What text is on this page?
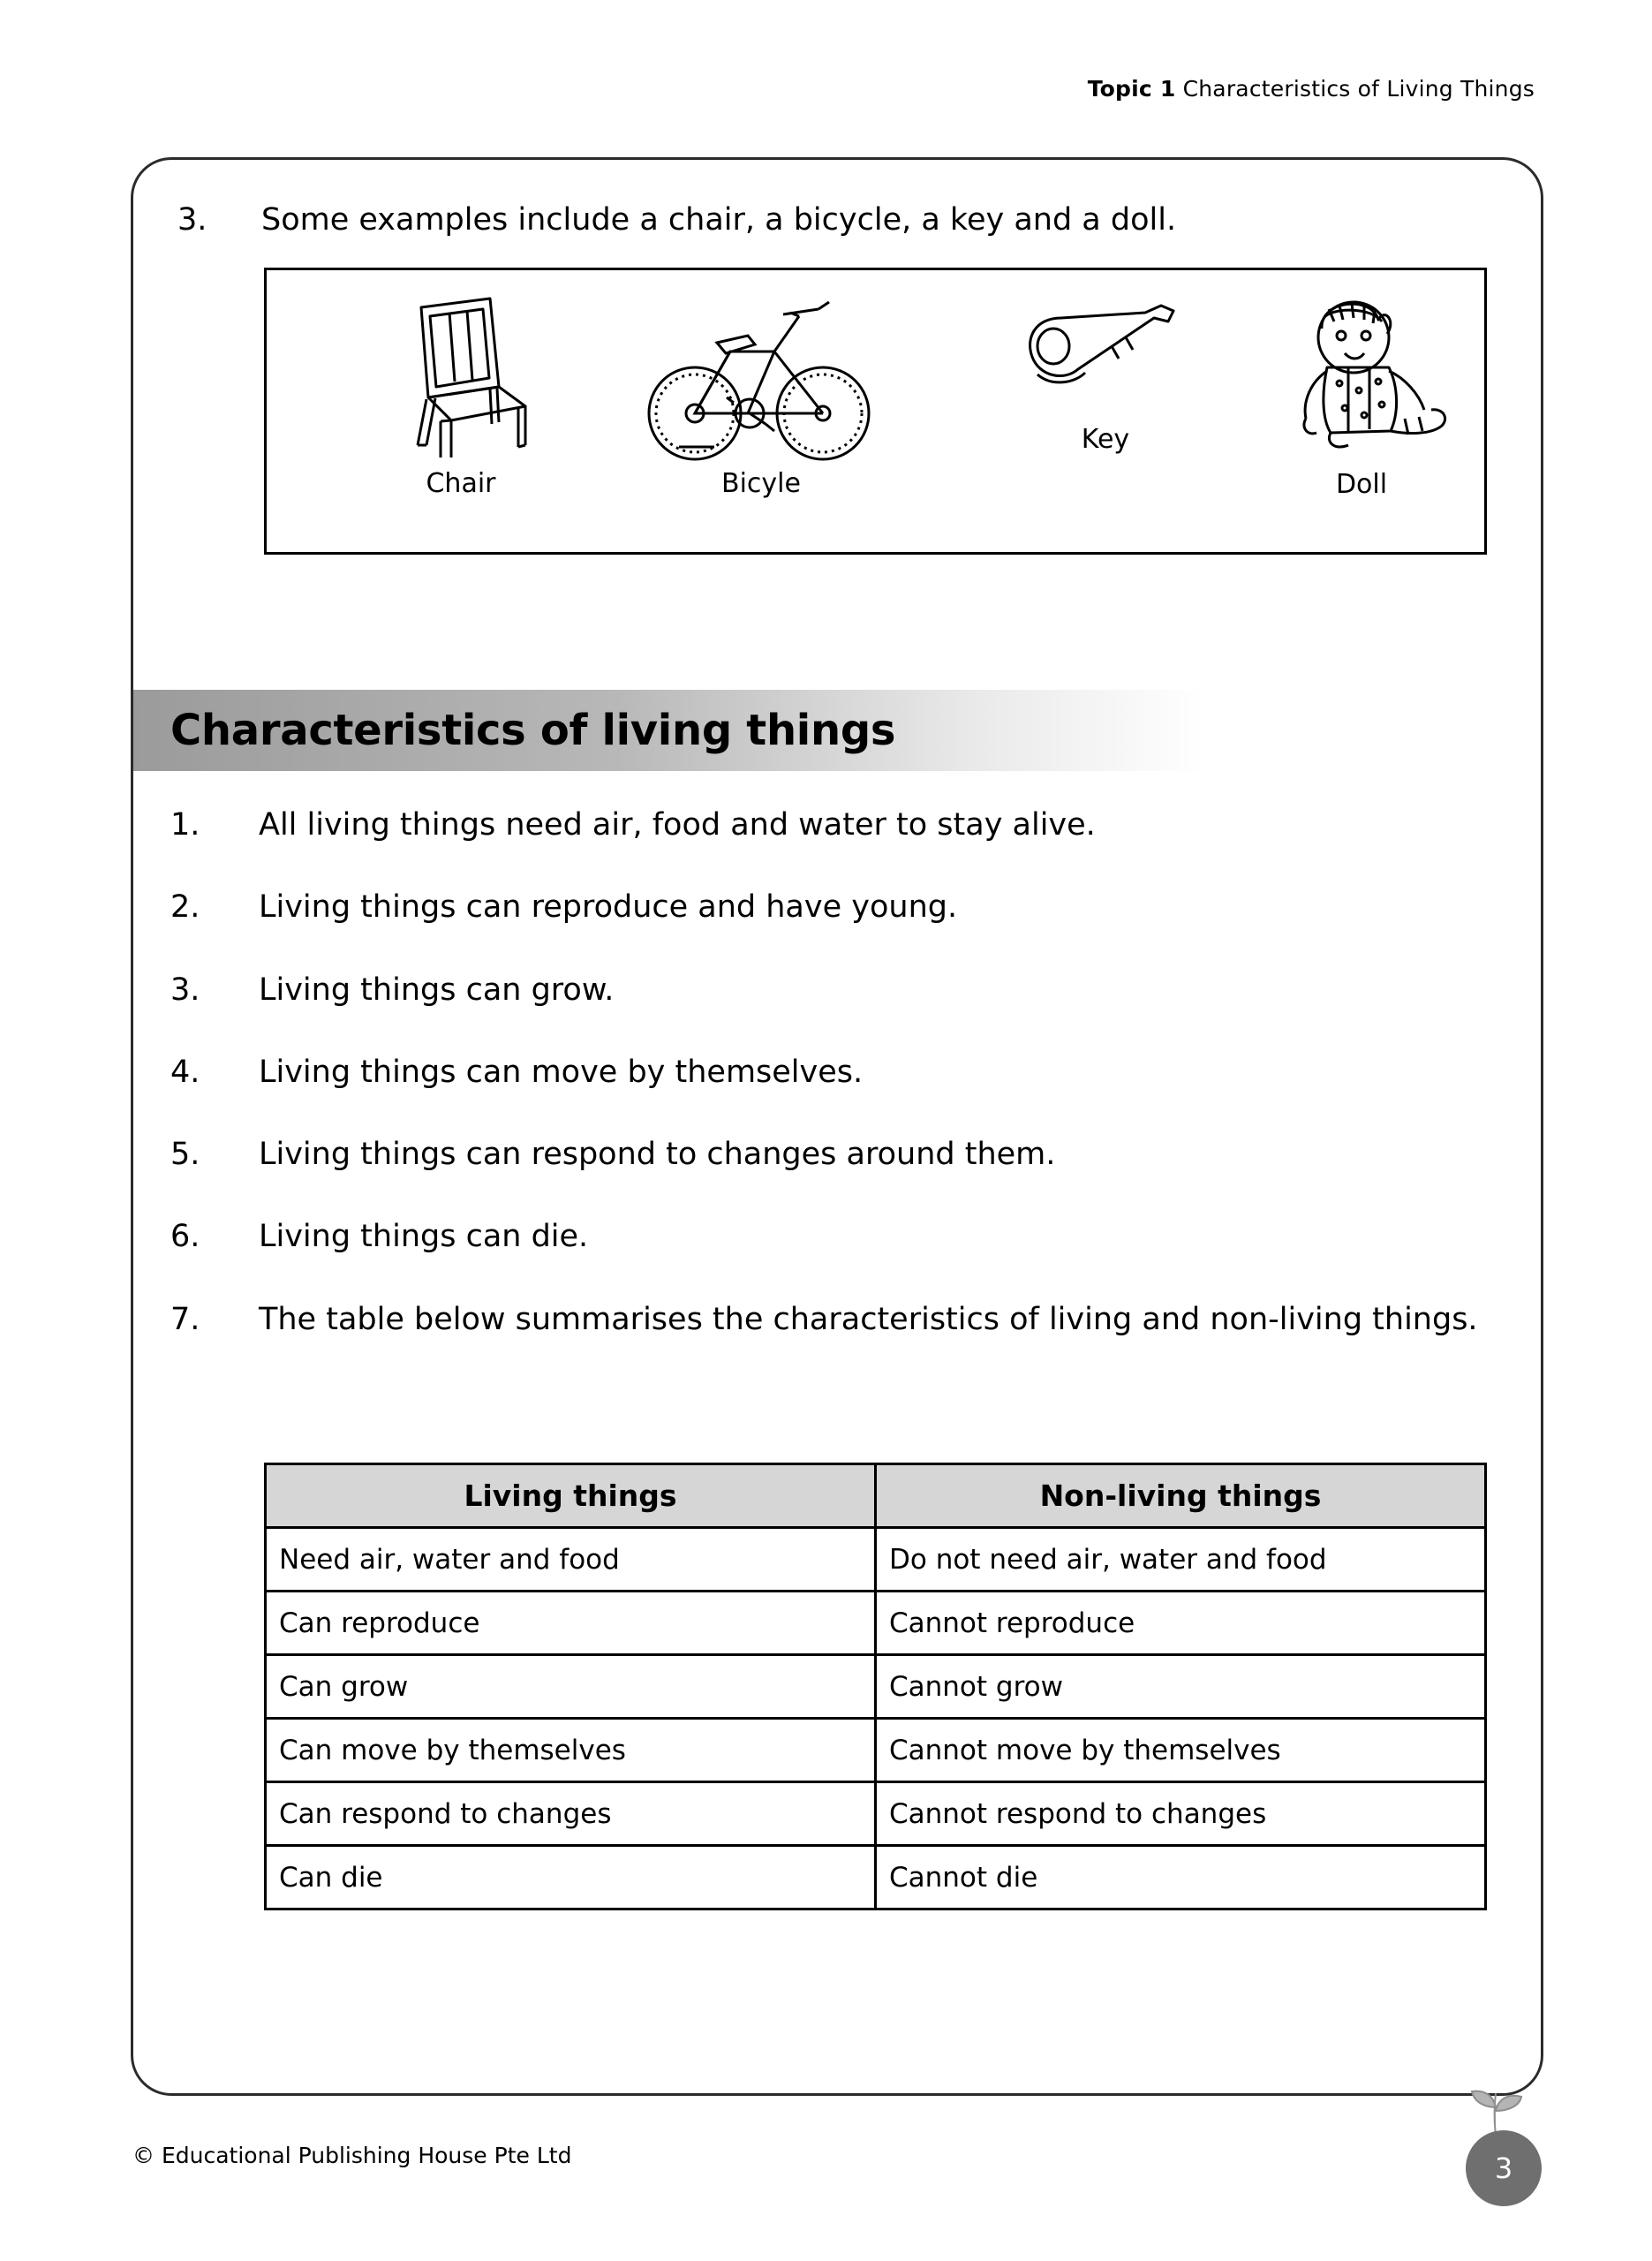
Topic 1 Characteristics of Living Things
3.	Some examples include a chair, a bicycle, a key and a doll.
Chair	Bicyle
Key
Doll
Characteristics of living things
1.	All living things need air, food and water to stay alive.
2.	Living things can reproduce and have young.
3.	Living things can grow.
4.	Living things can move by themselves.
5.	Living things can respond to changes around them.
6.	Living things can die.
7.	The table below summarises the characteristics of living and non-living things.
Living things	Non-living things
Need air, water and food	Do not need air, water and food
Can reproduce	Cannot reproduce
Can grow	Cannot grow
Can move by themselves	Cannot move by themselves
Can respond to changes	Cannot respond to changes
Can die	Cannot die
© Educational Publishing House Pte Ltd	3
